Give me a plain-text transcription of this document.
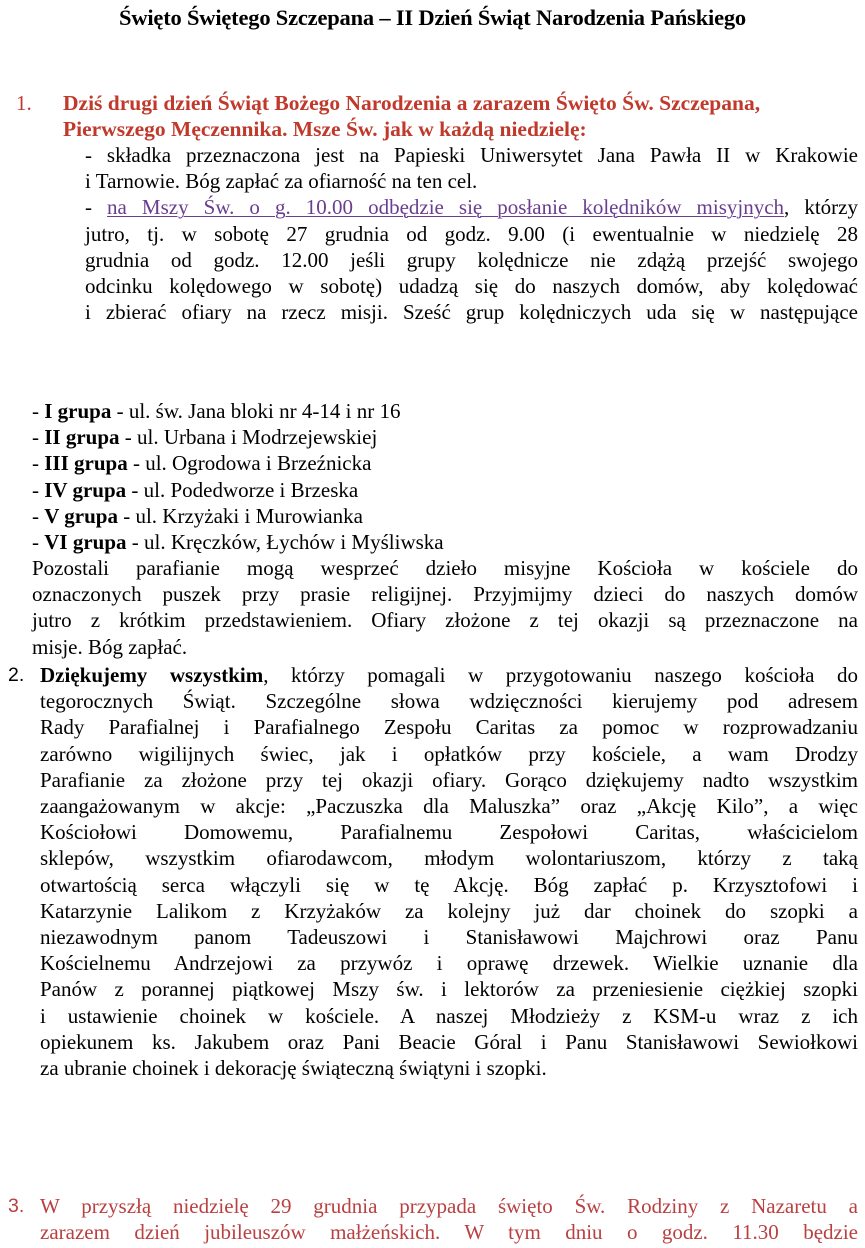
Święto Świętego Szczepana – II Dzień Świąt Narodzenia Pańskiego
1. Dziś drugi dzień Świąt Bożego Narodzenia a zarazem Święto Św. Szczepana,
Pierwszego Męczennika. Msze Św. jak w każdą niedzielę:
- składka przeznaczona jest na Papieski Uniwersytet Jana Pawła II w Krakowie
i Tarnowie. Bóg zapłać za ofiarność na ten cel.
- na Mszy Św. o g. 10.00 odbędzie się posłanie kolędników misyjnych, którzy
jutro, tj. w sobotę 27 grudnia od godz. 9.00 (i ewentualnie w niedzielę 28
grudnia od godz. 12.00 jeśli grupy kolędnicze nie zdążą przejść swojego
odcinku kolędowego w sobotę) udadzą się do naszych domów, aby kolędować
i zbierać ofiary na rzecz misji. Sześć grup kolędniczych uda się w następujące
- I grupa - ul. św. Jana bloki nr 4-14 i nr 16
- II grupa - ul. Urbana i Modrzejewskiej
- III grupa - ul. Ogrodowa i Brzeźnicka
- IV grupa - ul. Podedworze i Brzeska
- V grupa - ul. Krzyżaki i Murowianka
- VI grupa - ul. Kręczków, Łychów i Myśliwska
Pozostali parafianie mogą wesprzeć dzieło misyjne Kościoła w kościele do
oznaczonych puszek przy prasie religijnej. Przyjmijmy dzieci do naszych domów
jutro z krótkim przedstawieniem. Ofiary złożone z tej okazji są przeznaczone na
misje. Bóg zapłać.
2. Dziękujemy wszystkim, którzy pomagali w przygotowaniu naszego kościoła do
tegorocznych Świąt. Szczególne słowa wdzięczności kierujemy pod adresem
Rady Parafialnej i Parafialnego Zespołu Caritas za pomoc w rozprowadzaniu
zarówno wigilijnych świec, jak i opłatków przy kościele, a wam Drodzy
Parafianie za złożone przy tej okazji ofiary. Gorąco dziękujemy nadto wszystkim
zaangażowanym w akcje: „Paczuszka dla Maluszka” oraz „Akcję Kilo”, a więc
Kościołowi Domowemu, Parafialnemu Zespołowi Caritas, właścicielom
sklepów, wszystkim ofiarodawcom, młodym wolontariuszom, którzy z taką
otwartością serca włączyli się w tę Akcję. Bóg zapłać p. Krzysztofowi i
Katarzynie Lalikom z Krzyżaków za kolejny już dar choinek do szopki a
niezawodnym panom Tadeuszowi i Stanisławowi Majchrowi oraz Panu
Kościelnemu Andrzejowi za przywóz i oprawę drzewek. Wielkie uznanie dla
Panów z porannej piątkowej Mszy św. i lektorów za przeniesienie ciężkiej szopki
i ustawienie choinek w kościele. A naszej Młodzieży z KSM-u wraz z ich
opiekunem ks. Jakubem oraz Pani Beacie Góral i Panu Stanisławowi Sewiołkowi
za ubranie choinek i dekorację świąteczną świątyni i szopki.
3. W przyszłą niedzielę 29 grudnia przypada święto Św. Rodziny z Nazaretu a
zarazem dzień jubileuszów małżeńskich. W tym dniu o godz. 11.30 będzie
